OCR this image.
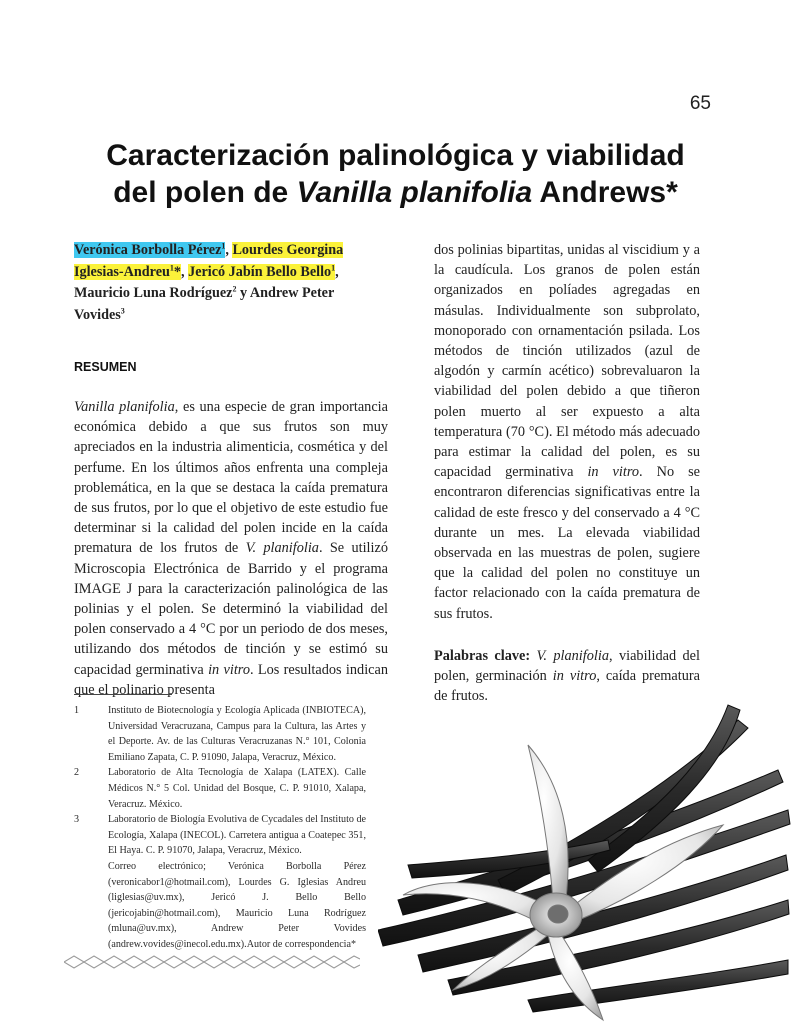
65
Caracterización palinológica y viabilidad
del polen de Vanilla planifolia Andrews*

Verónica Borbolla Pérez$^1$, Lourdes Georgina Iglesias-Andreu$^1$*, Jericó Jabín Bello Bello$^1$, Mauricio Luna Rodríguez$^2$ y Andrew Peter Vovides$^3$

RESUMEN

Vanilla planifolia, es una especie de gran importancia económica debido a que sus frutos son muy apreciados en la industria alimenticia, cosmética y del perfume. En los últimos años enfrenta una compleja problemática, en la que se destaca la caída prematura de sus frutos, por lo que el objetivo de este estudio fue determinar si la calidad del polen incide en la caída prematura de los frutos de V. planifolia. Se utilizó Microscopia Electrónica de Barrido y el programa IMAGE J para la caracterización palinológica de las polinias y el polen. Se determinó la viabilidad del polen conservado a 4 °C por un periodo de dos meses, utilizando dos métodos de tinción y se estimó su capacidad germinativa in vitro. Los resultados indican que el polinario presenta

dos polinias bipartitas, unidas al viscidium y a la caudícula. Los granos de polen están organizados en políades agregadas en másulas. Individualmente son subprolato, monoporado con ornamentación psilada. Los métodos de tinción utilizados (azul de algodón y carmín acético) sobrevaluaron la viabilidad del polen debido a que tiñeron polen muerto al ser expuesto a alta temperatura (70 °C). El método más adecuado para estimar la calidad del polen, es su capacidad germinativa in vitro. No se encontraron diferencias significativas entre la calidad de este fresco y del conservado a 4 °C durante un mes. La elevada viabilidad observada en las muestras de polen, sugiere que la calidad del polen no constituye un factor relacionado con la caída prematura de sus frutos.

Palabras clave: V. planifolia, viabilidad del polen, germinación in vitro, caída prematura de frutos.

1	Instituto de Biotecnología y Ecología Aplicada (INBIOTECA), Universidad Veracruzana, Campus para la Cultura, las Artes y el Deporte. Av. de las Culturas Veracruzanas N.° 101, Colonia Emiliano Zapata, C. P. 91090, Jalapa, Veracruz, México.
2	Laboratorio de Alta Tecnología de Xalapa (LATEX). Calle Médicos N.° 5 Col. Unidad del Bosque, C. P. 91010, Xalapa, Veracruz. México.
3	Laboratorio de Biología Evolutiva de Cycadales del Instituto de Ecología, Xalapa (INECOL). Carretera antigua a Coatepec 351, El Haya. C. P. 91070, Jalapa, Veracruz, México.
Correo electrónico; Verónica Borbolla Pérez (veronicabor1@hotmail.com), Lourdes G. Iglesias Andreu (liglesias@uv.mx), Jericó J. Bello Bello (jericojabin@hotmail.com), Mauricio Luna Rodríguez (mluna@uv.mx), Andrew Peter Vovides (andrew.vovides@inecol.edu.mx).Autor de correspondencia*
